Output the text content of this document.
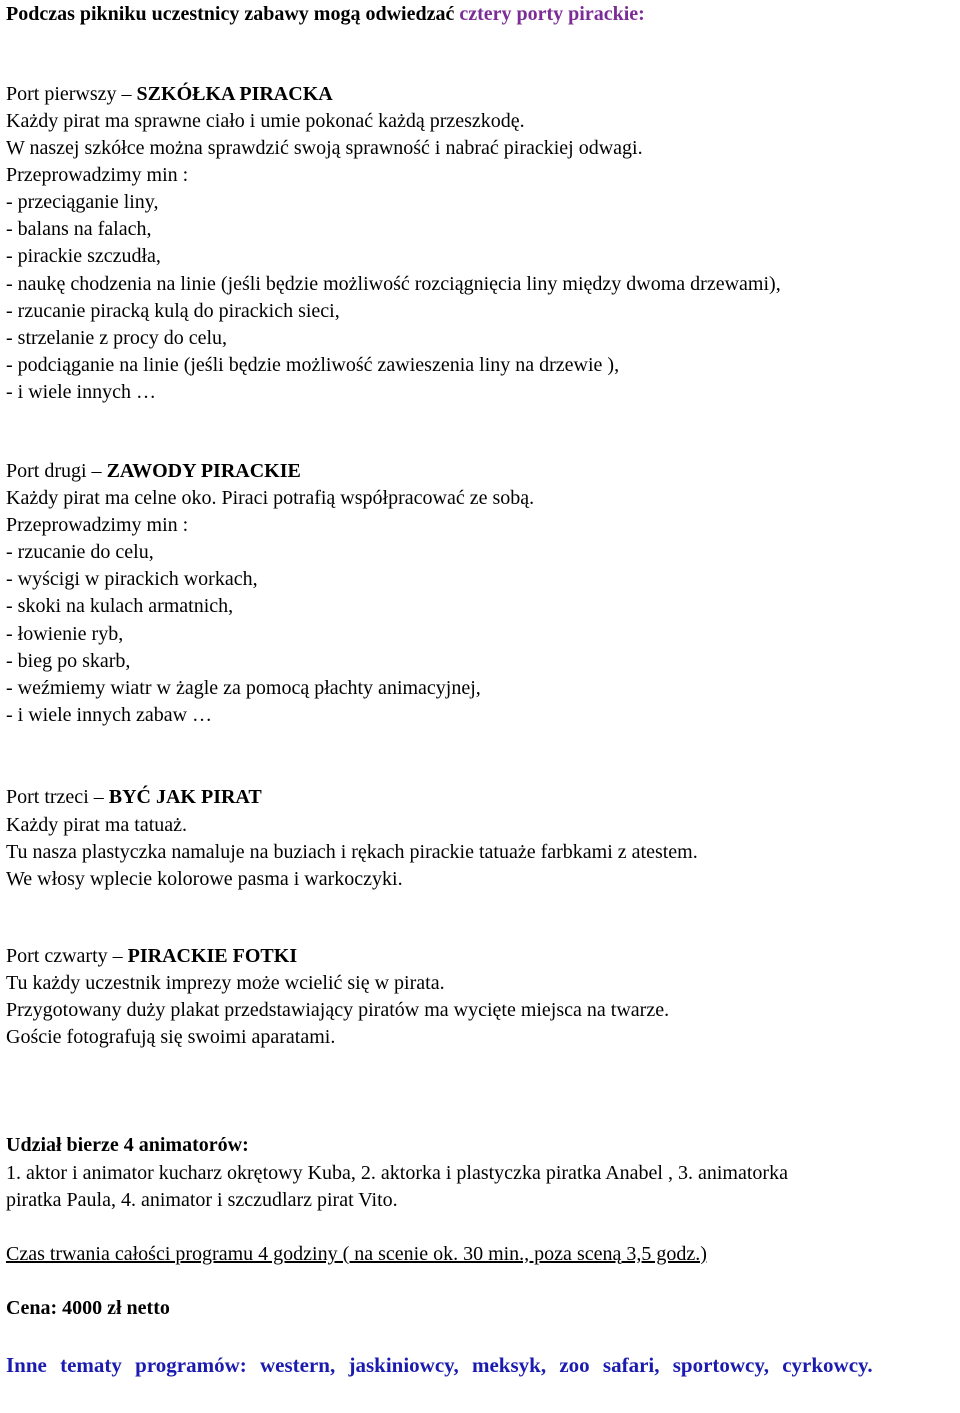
Podczas pikniku uczestnicy zabawy mogą odwiedzać cztery porty pirackie:
Port pierwszy – SZKÓŁKA PIRACKA
Każdy pirat ma sprawne ciało i umie pokonać każdą przeszkodę.
W naszej szkółce można sprawdzić swoją sprawność i nabrać pirackiej odwagi.
Przeprowadzimy min :
- przeciąganie liny,
- balans na falach,
- pirackie szczudła,
- naukę chodzenia na linie (jeśli będzie możliwość rozciągnięcia liny między dwoma drzewami),
- rzucanie piracką kulą do pirackich sieci,
- strzelanie z procy do celu,
- podciąganie na linie (jeśli będzie możliwość zawieszenia liny na drzewie ),
- i wiele innych …
Port drugi – ZAWODY PIRACKIE
Każdy pirat ma celne oko. Piraci potrafią współpracować ze sobą.
Przeprowadzimy min :
- rzucanie do celu,
- wyścigi w pirackich workach,
- skoki na kulach armatnich,
- łowienie ryb,
- bieg po skarb,
- weźmiemy wiatr w żagle za pomocą płachty animacyjnej,
- i wiele innych zabaw …
Port trzeci – BYĆ JAK PIRAT
Każdy pirat ma tatuaż.
Tu nasza plastyczka namaluje na buziach i rękach pirackie tatuaże farbkami z atestem.
We włosy wplecie kolorowe pasma i warkoczyki.
Port czwarty – PIRACKIE FOTKI
Tu każdy uczestnik imprezy może wcielić się w pirata.
Przygotowany duży plakat przedstawiający piratów ma wycięte miejsca na twarze.
Goście fotografują się swoimi aparatami.
Udział bierze 4 animatorów:
1. aktor i animator kucharz okrętowy Kuba, 2. aktorka i plastyczka piratka Anabel , 3. animatorka
piratka Paula, 4. animator i szczudlarz pirat Vito.
Czas trwania całości programu 4 godziny ( na scenie ok. 30 min., poza sceną 3,5 godz.)
Cena: 4000 zł netto
Inne tematy programów: western, jaskiniowcy, meksyk, zoo safari, sportowcy, cyrkowcy.
